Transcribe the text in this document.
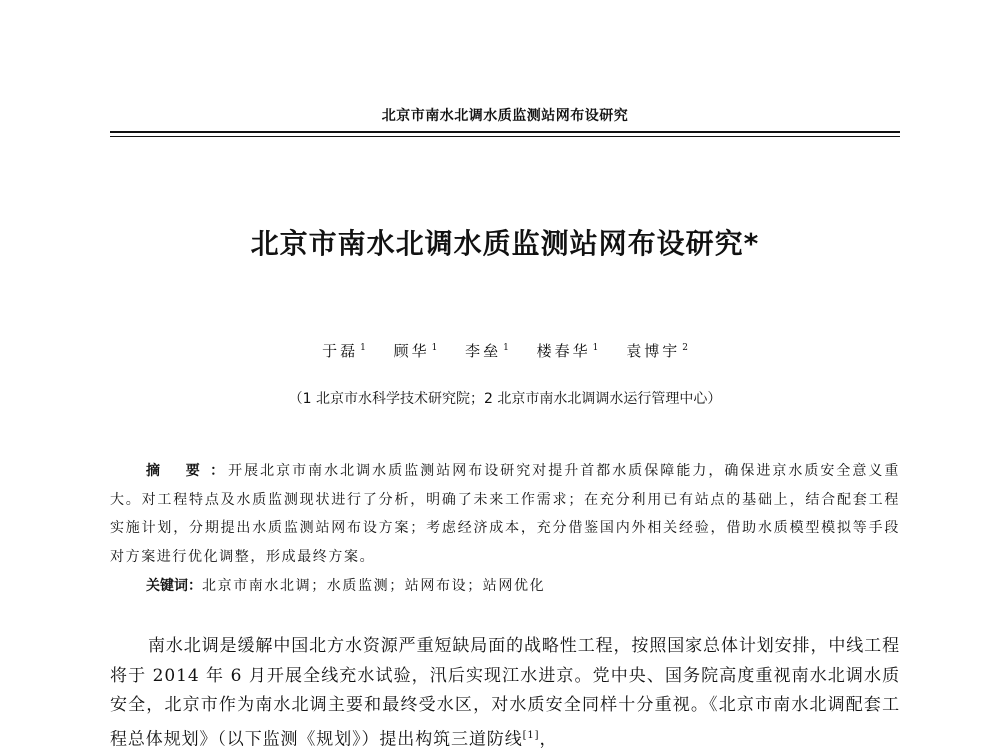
北京市南水北调水质监测站网布设研究
北京市南水北调水质监测站网布设研究*
于磊 $^1$ 顾华 $^1$ 李垒 $^1$ 楼春华 $^1$ 袁博宇 $^2$
（1 北京市水科学技术研究院；2 北京市南水北调调水运行管理中心）

摘 要： 开展北京市南水北调水质监测站网布设研究对提升首都水质保障能力，确保进京水质安全意义重大。对工程特点及水质监测现状进行了分析，明确了未来工作需求；在充分利用已有站点的基础上，结合配套工程实施计划，分期提出水质监测站网布设方案；考虑经济成本，充分借鉴国内外相关经验，借助水质模型模拟等手段对方案进行优化调整，形成最终方案。

关键词：北京市南水北调；水质监测；站网布设；站网优化

南水北调是缓解中国北方水资源严重短缺局面的战略性工程，按照国家总体计划安排，中线工程将于 2014 年 6 月开展全线充水试验，汛后实现江水进京。党中央、国务院高度重视南水北调水质安全，北京市作为南水北调主要和最终受水区，对水质安全同样十分重视。《北京市南水北调配套工程总体规划》（以下监测《规划》）提出构筑三道防线[1]，
